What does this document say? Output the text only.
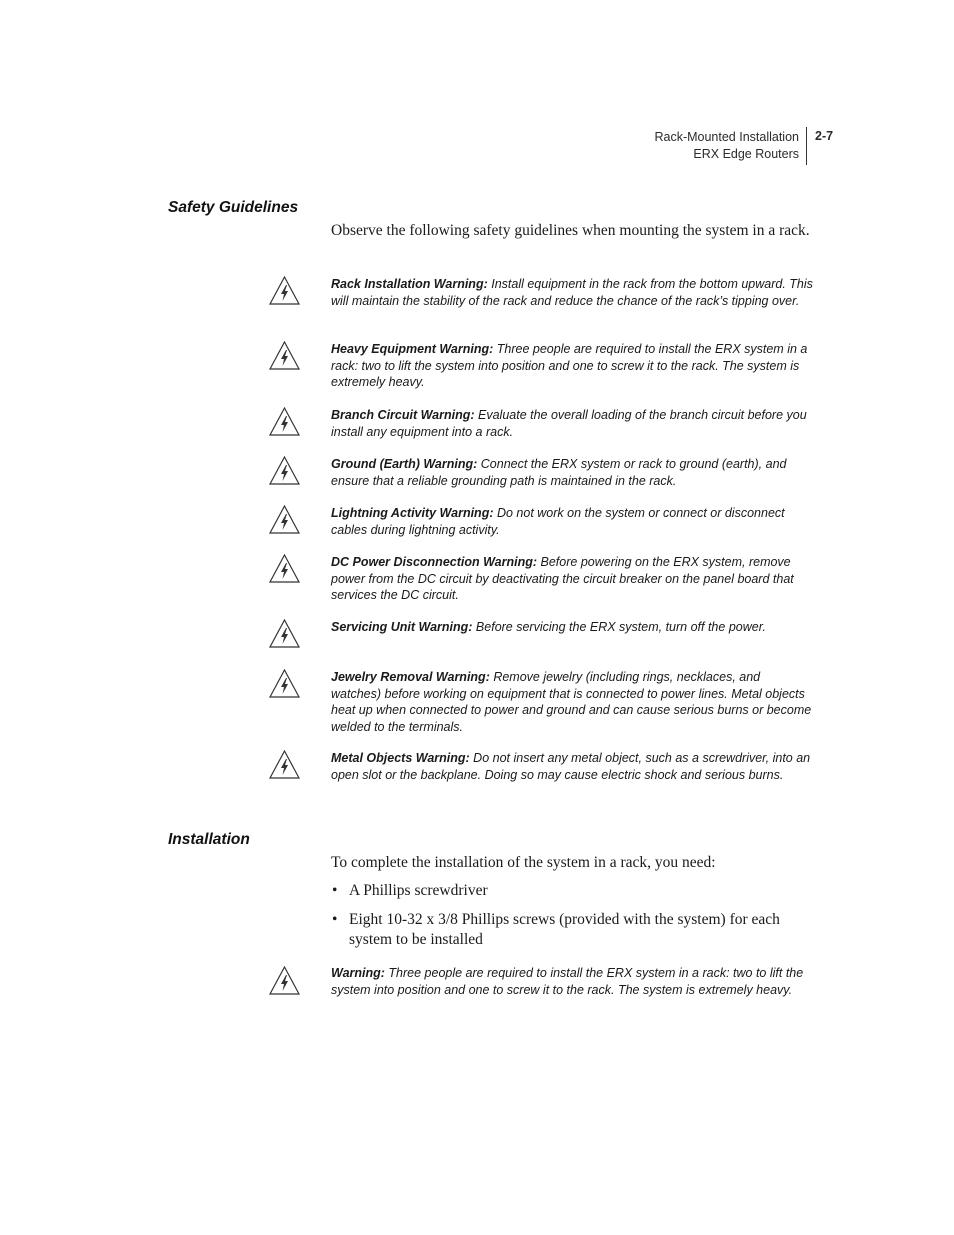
Rack-Mounted Installation
ERX Edge Routers
2-7
Safety Guidelines
Observe the following safety guidelines when mounting the system in a rack.
Rack Installation Warning: Install equipment in the rack from the bottom upward. This will maintain the stability of the rack and reduce the chance of the rack’s tipping over.
Heavy Equipment Warning: Three people are required to install the ERX system in a rack: two to lift the system into position and one to screw it to the rack. The system is extremely heavy.
Branch Circuit Warning: Evaluate the overall loading of the branch circuit before you install any equipment into a rack.
Ground (Earth) Warning: Connect the ERX system or rack to ground (earth), and ensure that a reliable grounding path is maintained in the rack.
Lightning Activity Warning: Do not work on the system or connect or disconnect cables during lightning activity.
DC Power Disconnection Warning: Before powering on the ERX system, remove power from the DC circuit by deactivating the circuit breaker on the panel board that services the DC circuit.
Servicing Unit Warning: Before servicing the ERX system, turn off the power.
Jewelry Removal Warning: Remove jewelry (including rings, necklaces, and watches) before working on equipment that is connected to power lines. Metal objects heat up when connected to power and ground and can cause serious burns or become welded to the terminals.
Metal Objects Warning: Do not insert any metal object, such as a screwdriver, into an open slot or the backplane. Doing so may cause electric shock and serious burns.
Installation
To complete the installation of the system in a rack, you need:
• A Phillips screwdriver
• Eight 10-32 x 3/8 Phillips screws (provided with the system) for each system to be installed
Warning: Three people are required to install the ERX system in a rack: two to lift the system into position and one to screw it to the rack. The system is extremely heavy.
